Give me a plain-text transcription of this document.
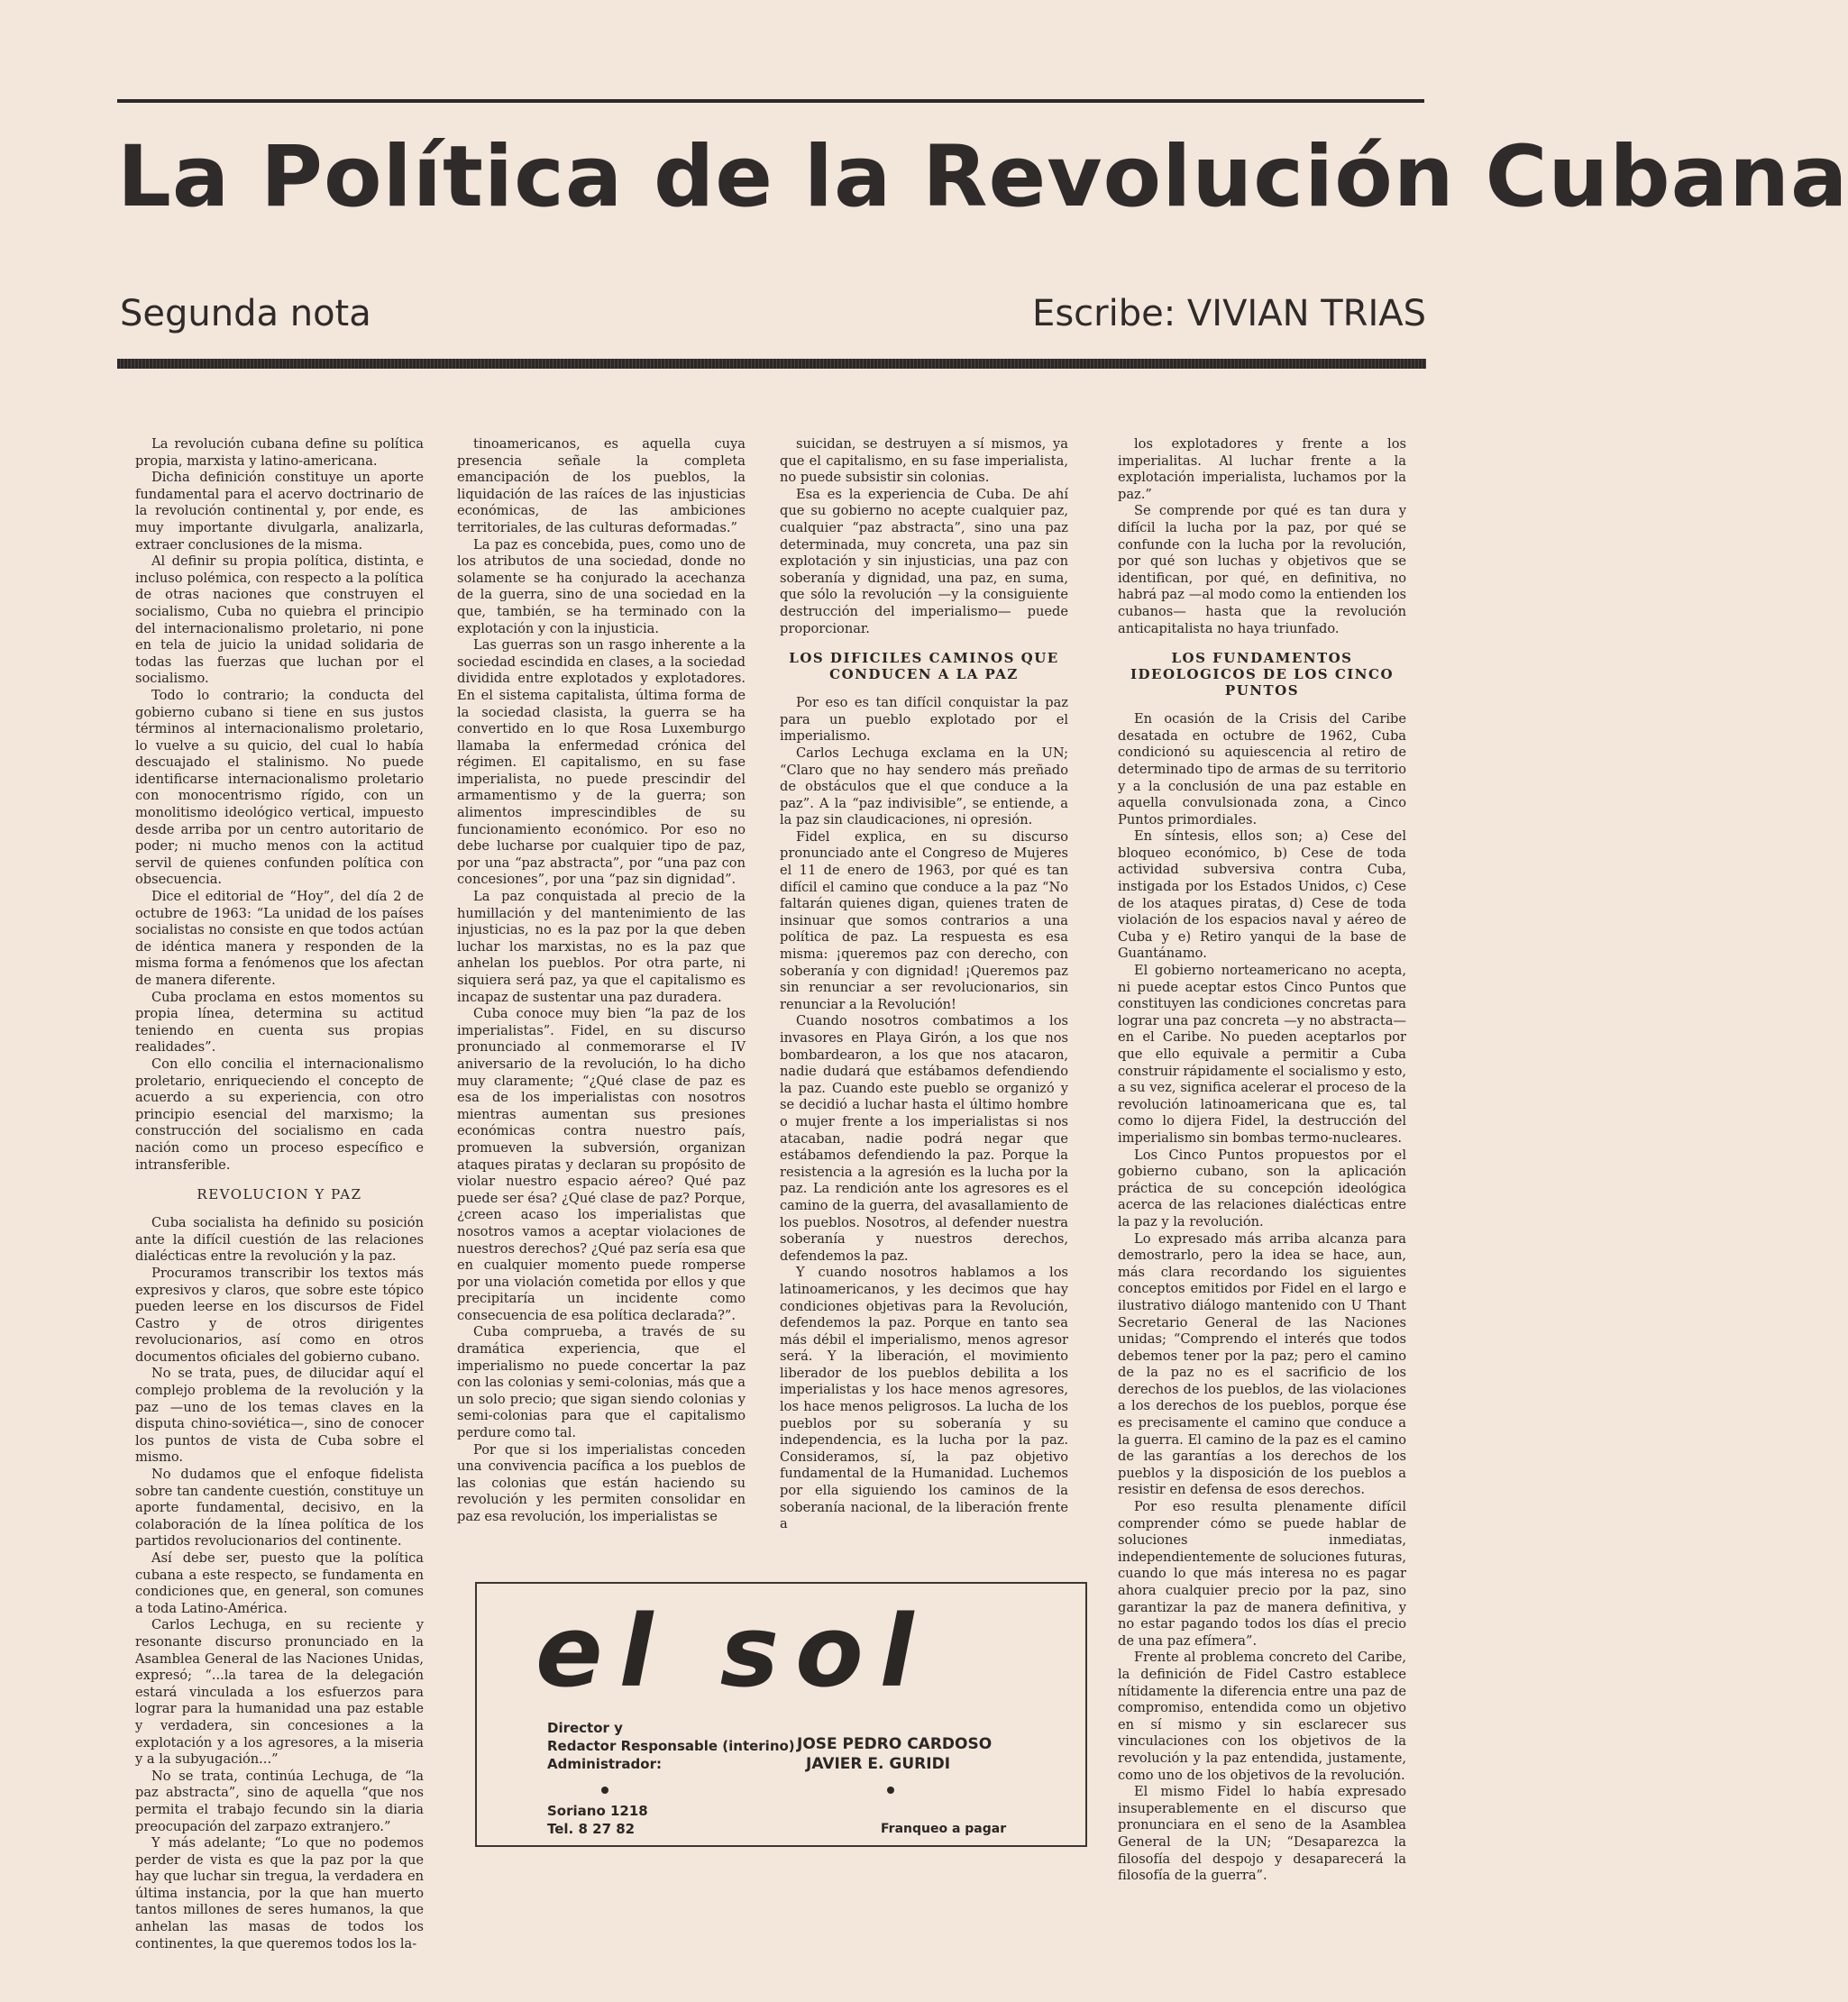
La Política de la Revolución Cubana
Segunda nota	Escribe: VIVIAN TRIAS

La revolución cubana define su política propia, marxista y latino-americana.

Dicha definición constituye un aporte fundamental para el acervo doctrinario de la revolución continental y, por ende, es muy importante divulgarla, analizarla, extraer conclusiones de la misma.

Al definir su propia política, distinta, e incluso polémica, con respecto a la política de otras naciones que construyen el socialismo, Cuba no quiebra el principio del internacionalismo proletario, ni pone en tela de juicio la unidad solidaria de todas las fuerzas que luchan por el socialismo.

Todo lo contrario; la conducta del gobierno cubano si tiene en sus justos términos al internacionalismo proletario, lo vuelve a su quicio, del cual lo había descuajado el stalinismo. No puede identificarse internacionalismo proletario con monocentrismo rígido, con un monolitismo ideológico vertical, impuesto desde arriba por un centro autoritario de poder; ni mucho menos con la actitud servil de quienes confunden política con obsecuencia.

Dice el editorial de “Hoy”, del día 2 de octubre de 1963: “La unidad de los países socialistas no consiste en que todos actúan de idéntica manera y responden de la misma forma a fenómenos que los afectan de manera diferente.

Cuba proclama en estos momentos su propia línea, determina su actitud teniendo en cuenta sus propias realidades”.

Con ello concilia el internacionalismo proletario, enriqueciendo el concepto de acuerdo a su experiencia, con otro principio esencial del marxismo; la construcción del socialismo en cada nación como un proceso específico e intransferible.

REVOLUCION Y PAZ

Cuba socialista ha definido su posición ante la difícil cuestión de las relaciones dialécticas entre la revolución y la paz.

Procuramos transcribir los textos más expresivos y claros, que sobre este tópico pueden leerse en los discursos de Fidel Castro y de otros dirigentes revolucionarios, así como en otros documentos oficiales del gobierno cubano.

No se trata, pues, de dilucidar aquí el complejo problema de la revolución y la paz —uno de los temas claves en la disputa chino-soviética—, sino de conocer los puntos de vista de Cuba sobre el mismo.

No dudamos que el enfoque fidelista sobre tan candente cuestión, constituye un aporte fundamental, decisivo, en la colaboración de la línea política de los partidos revolucionarios del continente.

Así debe ser, puesto que la política cubana a este respecto, se fundamenta en condiciones que, en general, son comunes a toda Latino-América.

Carlos Lechuga, en su reciente y resonante discurso pronunciado en la Asamblea General de las Naciones Unidas, expresó; “...la tarea de la delegación estará vinculada a los esfuerzos para lograr para la humanidad una paz estable y verdadera, sin concesiones a la explotación y a los agresores, a la miseria y a la subyugación...”

No se trata, continúa Lechuga, de “la paz abstracta”, sino de aquella “que nos permita el trabajo fecundo sin la diaria preocupación del zarpazo extranjero.”

Y más adelante; “Lo que no podemos perder de vista es que la paz por la que hay que luchar sin tregua, la verdadera en última instancia, por la que han muerto tantos millones de seres humanos, la que anhelan las masas de todos los continentes, la que queremos todos los la-

tinoamericanos, es aquella cuya presencia señale la completa emancipación de los pueblos, la liquidación de las raíces de las injusticias económicas, de las ambiciones territoriales, de las culturas deformadas.”

La paz es concebida, pues, como uno de los atributos de una sociedad, donde no solamente se ha conjurado la acechanza de la guerra, sino de una sociedad en la que, también, se ha terminado con la explotación y con la injusticia.

Las guerras son un rasgo inherente a la sociedad escindida en clases, a la sociedad dividida entre explotados y explotadores. En el sistema capitalista, última forma de la sociedad clasista, la guerra se ha convertido en lo que Rosa Luxemburgo llamaba la enfermedad crónica del régimen. El capitalismo, en su fase imperialista, no puede prescindir del armamentismo y de la guerra; son alimentos imprescindibles de su funcionamiento económico. Por eso no debe lucharse por cualquier tipo de paz, por una “paz abstracta”, por “una paz con concesiones”, por una “paz sin dignidad”.

La paz conquistada al precio de la humillación y del mantenimiento de las injusticias, no es la paz por la que deben luchar los marxistas, no es la paz que anhelan los pueblos. Por otra parte, ni siquiera será paz, ya que el capitalismo es incapaz de sustentar una paz duradera.

Cuba conoce muy bien “la paz de los imperialistas”. Fidel, en su discurso pronunciado al conmemorarse el IV aniversario de la revolución, lo ha dicho muy claramente; “¿Qué clase de paz es esa de los imperialistas con nosotros mientras aumentan sus presiones económicas contra nuestro país, promueven la subversión, organizan ataques piratas y declaran su propósito de violar nuestro espacio aéreo? Qué paz puede ser ésa? ¿Qué clase de paz? Porque, ¿creen acaso los imperialistas que nosotros vamos a aceptar violaciones de nuestros derechos? ¿Qué paz sería esa que en cualquier momento puede romperse por una violación cometida por ellos y que precipitaría un incidente como consecuencia de esa política declarada?”.

Cuba comprueba, a través de su dramática experiencia, que el imperialismo no puede concertar la paz con las colonias y semi-colonias, más que a un solo precio; que sigan siendo colonias y semi-colonias para que el capitalismo perdure como tal.

Por que si los imperialistas conceden una convivencia pacífica a los pueblos de las colonias que están haciendo su revolución y les permiten consolidar en paz esa revolución, los imperialistas se

suicidan, se destruyen a sí mismos, ya que el capitalismo, en su fase imperialista, no puede subsistir sin colonias.

Esa es la experiencia de Cuba. De ahí que su gobierno no acepte cualquier paz, cualquier “paz abstracta”, sino una paz determinada, muy concreta, una paz sin explotación y sin injusticias, una paz con soberanía y dignidad, una paz, en suma, que sólo la revolución —y la consiguiente destrucción del imperialismo— puede proporcionar.

LOS DIFICILES CAMINOS QUE CONDUCEN A LA PAZ

Por eso es tan difícil conquistar la paz para un pueblo explotado por el imperialismo.

Carlos Lechuga exclama en la UN; “Claro que no hay sendero más preñado de obstáculos que el que conduce a la paz”. A la “paz indivisible”, se entiende, a la paz sin claudicaciones, ni opresión.

Fidel explica, en su discurso pronunciado ante el Congreso de Mujeres el 11 de enero de 1963, por qué es tan difícil el camino que conduce a la paz “No faltarán quienes digan, quienes traten de insinuar que somos contrarios a una política de paz. La respuesta es esa misma: ¡queremos paz con derecho, con soberanía y con dignidad! ¡Queremos paz sin renunciar a ser revolucionarios, sin renunciar a la Revolución!

Cuando nosotros combatimos a los invasores en Playa Girón, a los que nos bombardearon, a los que nos atacaron, nadie dudará que estábamos defendiendo la paz. Cuando este pueblo se organizó y se decidió a luchar hasta el último hombre o mujer frente a los imperialistas si nos atacaban, nadie podrá negar que estábamos defendiendo la paz. Porque la resistencia a la agresión es la lucha por la paz. La rendición ante los agresores es el camino de la guerra, del avasallamiento de los pueblos. Nosotros, al defender nuestra soberanía y nuestros derechos, defendemos la paz.

Y cuando nosotros hablamos a los latinoamericanos, y les decimos que hay condiciones objetivas para la Revolución, defendemos la paz. Porque en tanto sea más débil el imperialismo, menos agresor será. Y la liberación, el movimiento liberador de los pueblos debilita a los imperialistas y los hace menos agresores, los hace menos peligrosos. La lucha de los pueblos por su soberanía y su independencia, es la lucha por la paz. Consideramos, sí, la paz objetivo fundamental de la Humanidad. Luchemos por ella siguiendo los caminos de la soberanía nacional, de la liberación frente a

los explotadores y frente a los imperialitas. Al luchar frente a la explotación imperialista, luchamos por la paz.”

Se comprende por qué es tan dura y difícil la lucha por la paz, por qué se confunde con la lucha por la revolución, por qué son luchas y objetivos que se identifican, por qué, en definitiva, no habrá paz —al modo como la entienden los cubanos— hasta que la revolución anticapitalista no haya triunfado.

LOS FUNDAMENTOS IDEOLOGICOS DE LOS CINCO PUNTOS

En ocasión de la Crisis del Caribe desatada en octubre de 1962, Cuba condicionó su aquiescencia al retiro de determinado tipo de armas de su territorio y a la conclusión de una paz estable en aquella convulsionada zona, a Cinco Puntos primordiales.

En síntesis, ellos son; a) Cese del bloqueo económico, b) Cese de toda actividad subversiva contra Cuba, instigada por los Estados Unidos, c) Cese de los ataques piratas, d) Cese de toda violación de los espacios naval y aéreo de Cuba y e) Retiro yanqui de la base de Guantánamo.

El gobierno norteamericano no acepta, ni puede aceptar estos Cinco Puntos que constituyen las condiciones concretas para lograr una paz concreta —y no abstracta— en el Caribe. No pueden aceptarlos por que ello equivale a permitir a Cuba construir rápidamente el socialismo y esto, a su vez, significa acelerar el proceso de la revolución latinoamericana que es, tal como lo dijera Fidel, la destrucción del imperialismo sin bombas termo-nucleares.

Los Cinco Puntos propuestos por el gobierno cubano, son la aplicación práctica de su concepción ideológica acerca de las relaciones dialécticas entre la paz y la revolución.

Lo expresado más arriba alcanza para demostrarlo, pero la idea se hace, aun, más clara recordando los siguientes conceptos emitidos por Fidel en el largo e ilustrativo diálogo mantenido con U Thant Secretario General de las Naciones unidas; “Comprendo el interés que todos debemos tener por la paz; pero el camino de la paz no es el sacrificio de los derechos de los pueblos, de las violaciones a los derechos de los pueblos, porque ése es precisamente el camino que conduce a la guerra. El camino de la paz es el camino de las garantías a los derechos de los pueblos y la disposición de los pueblos a resistir en defensa de esos derechos.

Por eso resulta plenamente difícil comprender cómo se puede hablar de soluciones inmediatas, independientemente de soluciones futuras, cuando lo que más interesa no es pagar ahora cualquier precio por la paz, sino garantizar la paz de manera definitiva, y no estar pagando todos los días el precio de una paz efímera”.

Frente al problema concreto del Caribe, la definición de Fidel Castro establece nítidamente la diferencia entre una paz de compromiso, entendida como un objetivo en sí mismo y sin esclarecer sus vinculaciones con los objetivos de la revolución y la paz entendida, justamente, como uno de los objetivos de la revolución.

El mismo Fidel lo había expresado insuperablemente en el discurso que pronunciara en el seno de la Asamblea General de la UN; “Desaparezca la filosofía del despojo y desaparecerá la filosofía de la guerra”.

el sol
Director y
Redactor Responsable (interino) JOSE PEDRO CARDOSO
Administrador:	JAVIER E. GURIDI
Soriano 1218
Tel. 8 27 82	Franqueo a pagar
